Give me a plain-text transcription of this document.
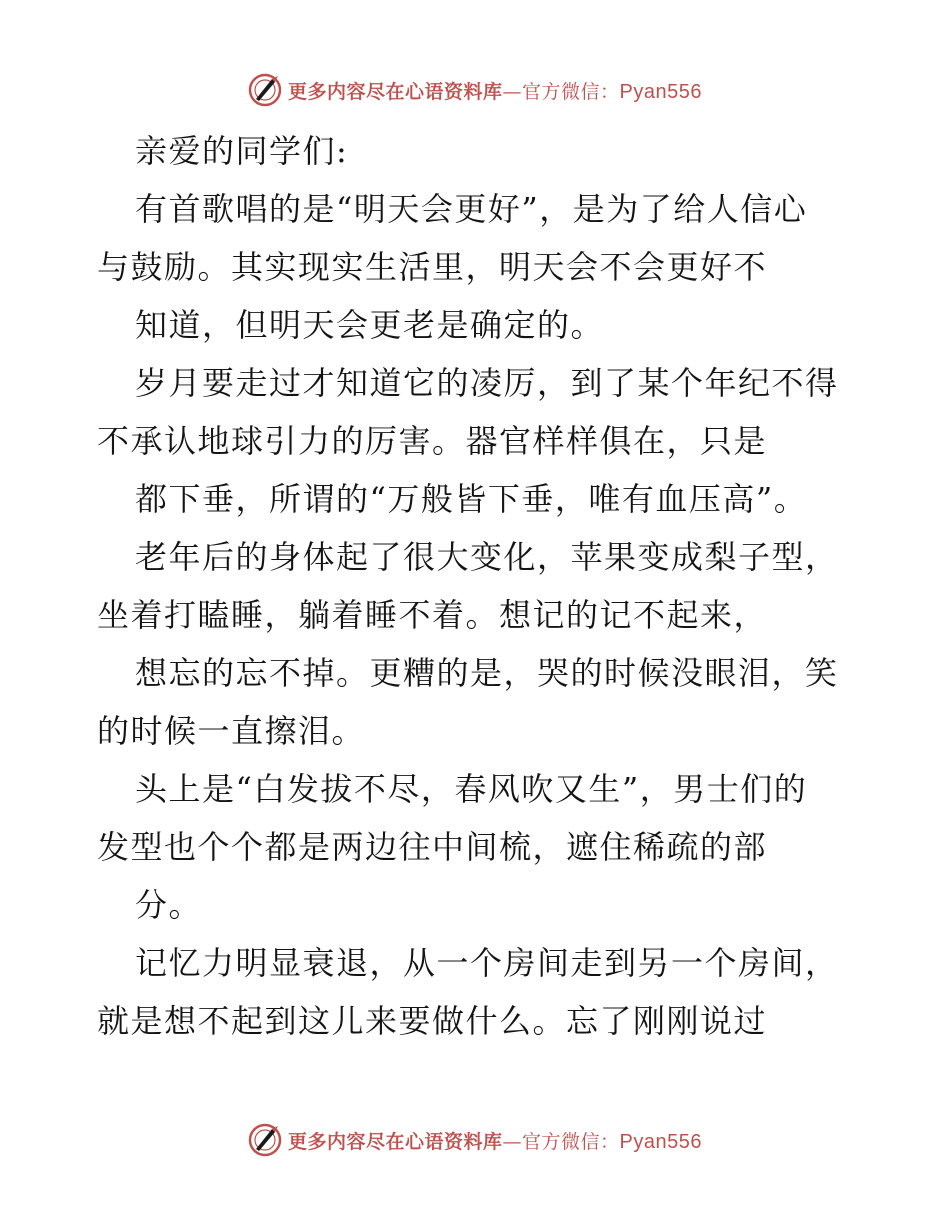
更多内容尽在心语资料库—官方微信：Pyan556
亲爱的同学们:
有首歌唱的是“明天会更好”，是为了给人信心
与鼓励。其实现实生活里，明天会不会更好不
知道，但明天会更老是确定的。
岁月要走过才知道它的凌厉，到了某个年纪不得
不承认地球引力的厉害。器官样样俱在，只是
都下垂，所谓的“万般皆下垂，唯有血压高”。
老年后的身体起了很大变化，苹果变成梨子型，
坐着打瞌睡，躺着睡不着。想记的记不起来，
想忘的忘不掉。更糟的是，哭的时候没眼泪，笑
的时候一直擦泪。
头上是“白发拔不尽，春风吹又生”，男士们的
发型也个个都是两边往中间梳，遮住稀疏的部
分。
记忆力明显衰退，从一个房间走到另一个房间，
就是想不起到这儿来要做什么。忘了刚刚说过
更多内容尽在心语资料库—官方微信：Pyan556
